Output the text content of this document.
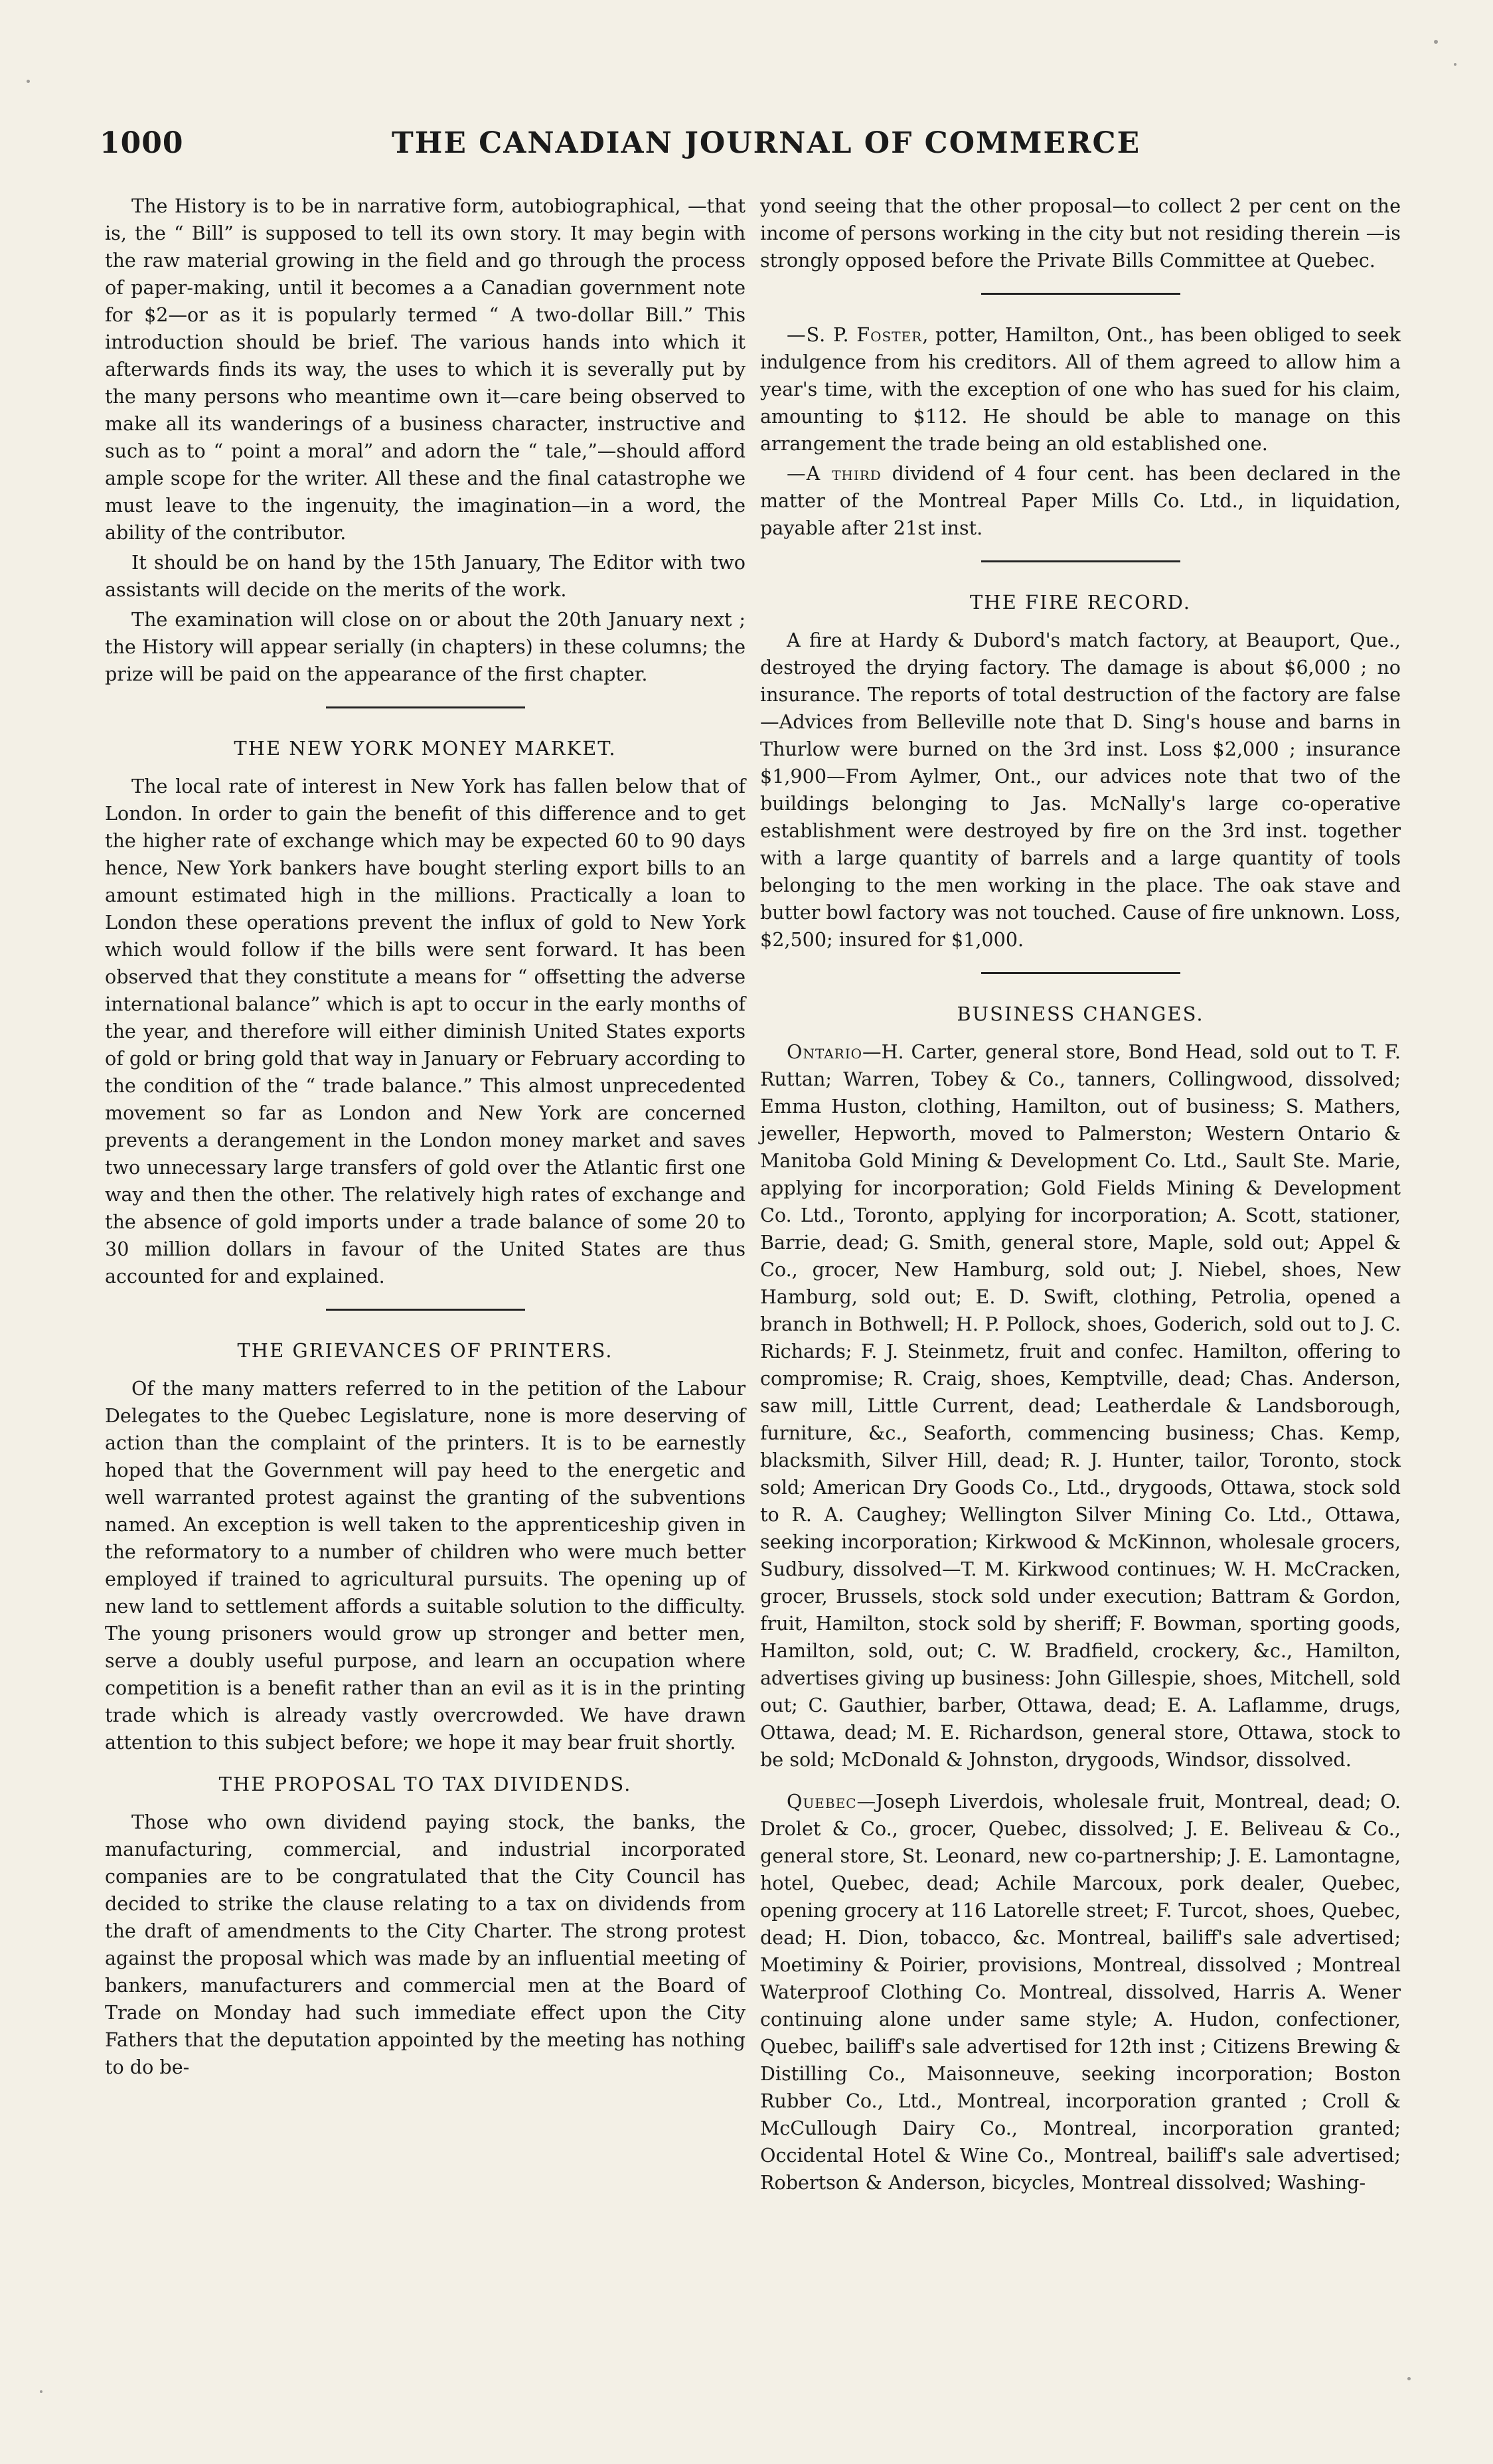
1000	THE CANADIAN JOURNAL OF COMMERCE

The History is to be in narrative form, autobiographical, —that is, the “ Bill” is supposed to tell its own story. It may begin with the raw material growing in the field and go through the process of paper-making, until it becomes a a Canadian government note for $2—or as it is popularly termed “ A two-dollar Bill.” This introduction should be brief. The various hands into which it afterwards finds its way, the uses to which it is severally put by the many persons who meantime own it—care being observed to make all its wanderings of a business character, instructive and such as to “ point a moral” and adorn the “ tale,”—should afford ample scope for the writer. All these and the final catastrophe we must leave to the ingenuity, the imagination—in a word, the ability of the contributor.

It should be on hand by the 15th January, The Editor with two assistants will decide on the merits of the work.

The examination will close on or about the 20th January next ; the History will appear serially (in chapters) in these columns; the prize will be paid on the appearance of the first chapter.

THE NEW YORK MONEY MARKET.

The local rate of interest in New York has fallen below that of London. In order to gain the benefit of this difference and to get the higher rate of exchange which may be expected 60 to 90 days hence, New York bankers have bought sterling export bills to an amount estimated high in the millions. Practically a loan to London these operations prevent the influx of gold to New York which would follow if the bills were sent forward. It has been observed that they constitute a means for “ offsetting the adverse international balance” which is apt to occur in the early months of the year, and therefore will either diminish United States exports of gold or bring gold that way in January or February according to the condition of the “ trade balance.” This almost unprecedented movement so far as London and New York are concerned prevents a derangement in the London money market and saves two unnecessary large transfers of gold over the Atlantic first one way and then the other. The relatively high rates of exchange and the absence of gold imports under a trade balance of some 20 to 30 million dollars in favour of the United States are thus accounted for and explained.

THE GRIEVANCES OF PRINTERS.

Of the many matters referred to in the petition of the Labour Delegates to the Quebec Legislature, none is more deserving of action than the complaint of the printers. It is to be earnestly hoped that the Government will pay heed to the energetic and well warranted protest against the granting of the subventions named. An exception is well taken to the apprenticeship given in the reformatory to a number of children who were much better employed if trained to agricultural pursuits. The opening up of new land to settlement affords a suitable solution to the difficulty. The young prisoners would grow up stronger and better men, serve a doubly useful purpose, and learn an occupation where competition is a benefit rather than an evil as it is in the printing trade which is already vastly overcrowded. We have drawn attention to this subject before; we hope it may bear fruit shortly.

THE PROPOSAL TO TAX DIVIDENDS.

Those who own dividend paying stock, the banks, the manufacturing, commercial, and industrial incorporated companies are to be congratulated that the City Council has decided to strike the clause relating to a tax on dividends from the draft of amendments to the City Charter. The strong protest against the proposal which was made by an influential meeting of bankers, manufacturers and commercial men at the Board of Trade on Monday had such immediate effect upon the City Fathers that the deputation appointed by the meeting has nothing to do be-

yond seeing that the other proposal—to collect 2 per cent on the income of persons working in the city but not residing therein —is strongly opposed before the Private Bills Committee at Quebec.

—S. P. Foster, potter, Hamilton, Ont., has been obliged to seek indulgence from his creditors. All of them agreed to allow him a year's time, with the exception of one who has sued for his claim, amounting to $112. He should be able to manage on this arrangement the trade being an old established one.

—A third dividend of 4 four cent. has been declared in the matter of the Montreal Paper Mills Co. Ltd., in liquidation, payable after 21st inst.

THE FIRE RECORD.

A fire at Hardy & Dubord's match factory, at Beauport, Que., destroyed the drying factory. The damage is about $6,000 ; no insurance. The reports of total destruction of the factory are false—Advices from Belleville note that D. Sing's house and barns in Thurlow were burned on the 3rd inst. Loss $2,000 ; insurance $1,900—From Aylmer, Ont., our advices note that two of the buildings belonging to Jas. McNally's large co-operative establishment were destroyed by fire on the 3rd inst. together with a large quantity of barrels and a large quantity of tools belonging to the men working in the place. The oak stave and butter bowl factory was not touched. Cause of fire unknown. Loss, $2,500; insured for $1,000.

BUSINESS CHANGES.

Ontario—H. Carter, general store, Bond Head, sold out to T. F. Ruttan; Warren, Tobey & Co., tanners, Collingwood, dissolved; Emma Huston, clothing, Hamilton, out of business; S. Mathers, jeweller, Hepworth, moved to Palmerston; Western Ontario & Manitoba Gold Mining & Development Co. Ltd., Sault Ste. Marie, applying for incorporation; Gold Fields Mining & Development Co. Ltd., Toronto, applying for incorporation; A. Scott, stationer, Barrie, dead; G. Smith, general store, Maple, sold out; Appel & Co., grocer, New Hamburg, sold out; J. Niebel, shoes, New Hamburg, sold out; E. D. Swift, clothing, Petrolia, opened a branch in Bothwell; H. P. Pollock, shoes, Goderich, sold out to J. C. Richards; F. J. Steinmetz, fruit and confec. Hamilton, offering to compromise; R. Craig, shoes, Kemptville, dead; Chas. Anderson, saw mill, Little Current, dead; Leatherdale & Landsborough, furniture, &c., Seaforth, commencing business; Chas. Kemp, blacksmith, Silver Hill, dead; R. J. Hunter, tailor, Toronto, stock sold; American Dry Goods Co., Ltd., drygoods, Ottawa, stock sold to R. A. Caughey; Wellington Silver Mining Co. Ltd., Ottawa, seeking incorporation; Kirkwood & McKinnon, wholesale grocers, Sudbury, dissolved—T. M. Kirkwood continues; W. H. McCracken, grocer, Brussels, stock sold under execution; Battram & Gordon, fruit, Hamilton, stock sold by sheriff; F. Bowman, sporting goods, Hamilton, sold, out; C. W. Bradfield, crockery, &c., Hamilton, advertises giving up business: John Gillespie, shoes, Mitchell, sold out; C. Gauthier, barber, Ottawa, dead; E. A. Laflamme, drugs, Ottawa, dead; M. E. Richardson, general store, Ottawa, stock to be sold; McDonald & Johnston, drygoods, Windsor, dissolved.

Quebec—Joseph Liverdois, wholesale fruit, Montreal, dead; O. Drolet & Co., grocer, Quebec, dissolved; J. E. Beliveau & Co., general store, St. Leonard, new co-partnership; J. E. Lamontagne, hotel, Quebec, dead; Achile Marcoux, pork dealer, Quebec, opening grocery at 116 Latorelle street; F. Turcot, shoes, Quebec, dead; H. Dion, tobacco, &c. Montreal, bailiff's sale advertised; Moetiminy & Poirier, provisions, Montreal, dissolved ; Montreal Waterproof Clothing Co. Montreal, dissolved, Harris A. Wener continuing alone under same style; A. Hudon, confectioner, Quebec, bailiff's sale advertised for 12th inst ; Citizens Brewing & Distilling Co., Maisonneuve, seeking incorporation; Boston Rubber Co., Ltd., Montreal, incorporation granted ; Croll & McCullough Dairy Co., Montreal, incorporation granted; Occidental Hotel & Wine Co., Montreal, bailiff's sale advertised; Robertson & Anderson, bicycles, Montreal dissolved; Washing-
